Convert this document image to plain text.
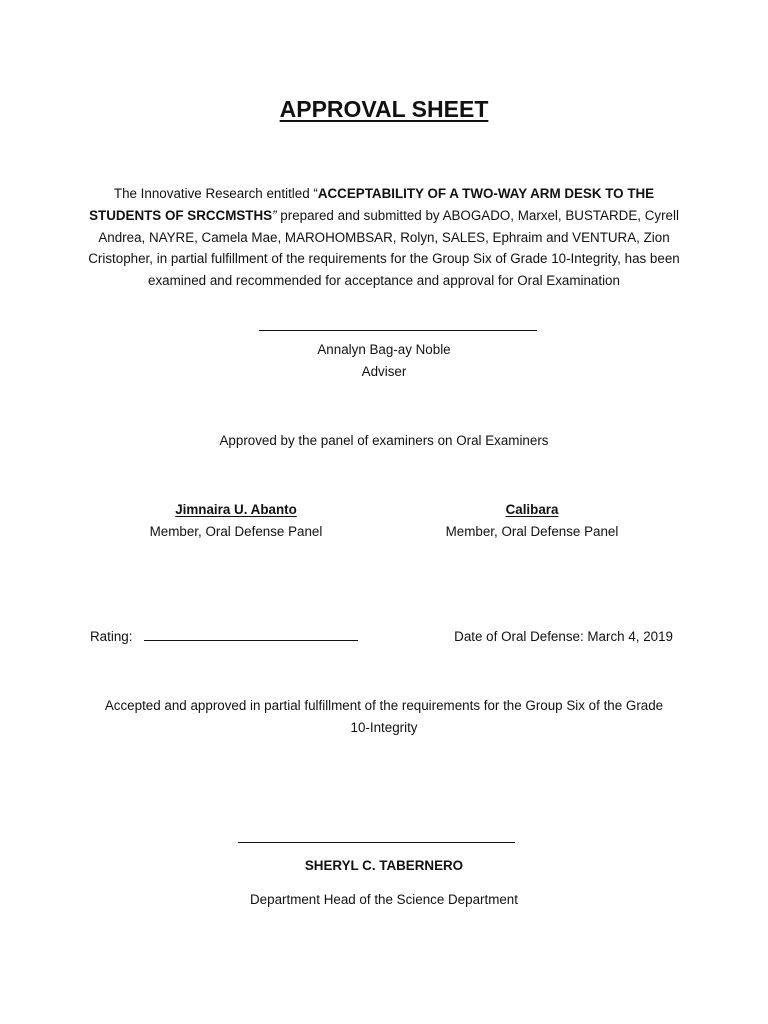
APPROVAL SHEET
The Innovative Research entitled “ACCEPTABILITY OF A TWO-WAY ARM DESK TO THE STUDENTS OF SRCCMSTHS” prepared and submitted by ABOGADO, Marxel, BUSTARDE, Cyrell Andrea, NAYRE, Camela Mae, MAROHOMBSAR, Rolyn, SALES, Ephraim and VENTURA, Zion Cristopher, in partial fulfillment of the requirements for the Group Six of Grade 10-Integrity, has been examined and recommended for acceptance and approval for Oral Examination
Annalyn Bag-ay Noble
Adviser
Approved by the panel of examiners on Oral Examiners
Jimnaira U. Abanto
Member, Oral Defense Panel
Calibara
Member, Oral Defense Panel
Rating:	Date of Oral Defense: March 4, 2019
Accepted and approved in partial fulfillment of the requirements for the Group Six of the Grade
10-Integrity
SHERYL C. TABERNERO
Department Head of the Science Department
